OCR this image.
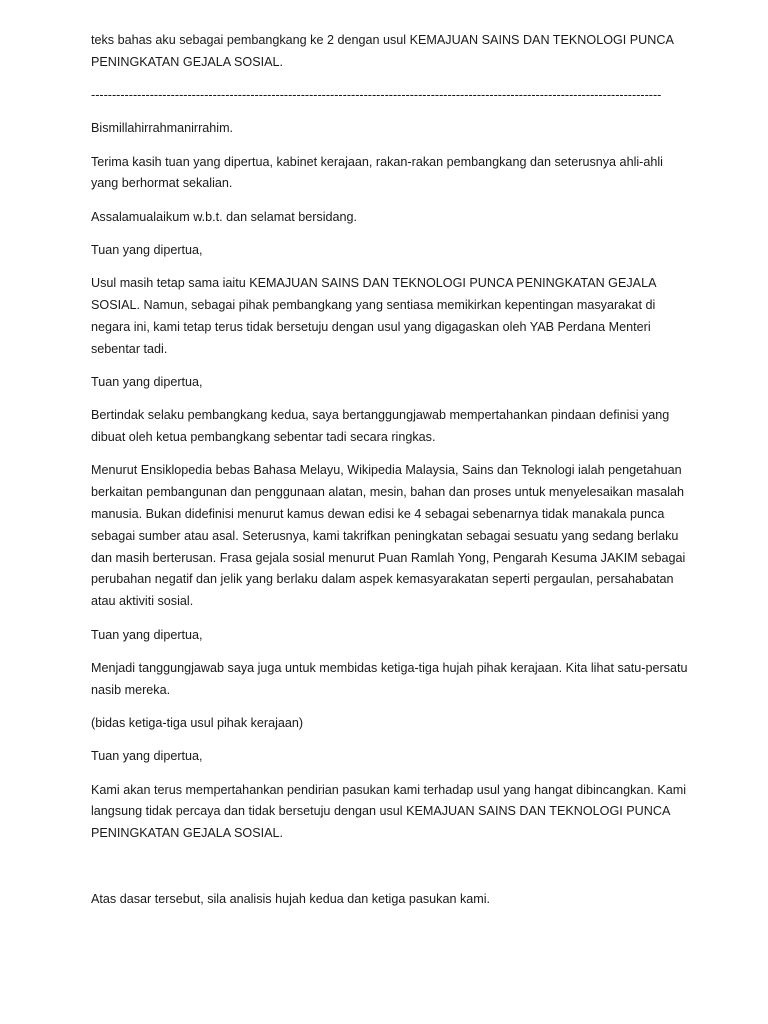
teks bahas aku sebagai pembangkang ke 2 dengan usul KEMAJUAN SAINS DAN TEKNOLOGI PUNCA PENINGKATAN GEJALA SOSIAL.

----------------------------------------------------------------------------------------------------------------------------------------

Bismillahirrahmanirrahim.

Terima kasih tuan yang dipertua, kabinet kerajaan, rakan-rakan pembangkang dan seterusnya ahli-ahli yang berhormat sekalian.

Assalamualaikum w.b.t. dan selamat bersidang.

Tuan yang dipertua,

Usul masih tetap sama iaitu KEMAJUAN SAINS DAN TEKNOLOGI PUNCA PENINGKATAN GEJALA SOSIAL. Namun, sebagai pihak pembangkang yang sentiasa memikirkan kepentingan masyarakat di negara ini, kami tetap terus tidak bersetuju dengan usul yang digagaskan oleh YAB Perdana Menteri sebentar tadi.

Tuan yang dipertua,

Bertindak selaku pembangkang kedua, saya bertanggungjawab mempertahankan pindaan definisi yang dibuat oleh ketua pembangkang sebentar tadi secara ringkas.

Menurut Ensiklopedia bebas Bahasa Melayu, Wikipedia Malaysia, Sains dan Teknologi ialah pengetahuan berkaitan pembangunan dan penggunaan alatan, mesin, bahan dan proses untuk menyelesaikan masalah manusia. Bukan didefinisi menurut kamus dewan edisi ke 4 sebagai sebenarnya tidak manakala punca sebagai sumber atau asal. Seterusnya, kami takrifkan peningkatan sebagai sesuatu yang sedang berlaku dan masih berterusan. Frasa gejala sosial menurut Puan Ramlah Yong, Pengarah Kesuma JAKIM sebagai perubahan negatif dan jelik yang berlaku dalam aspek kemasyarakatan seperti pergaulan, persahabatan atau aktiviti sosial.

Tuan yang dipertua,

Menjadi tanggungjawab saya juga untuk membidas ketiga-tiga hujah pihak kerajaan. Kita lihat satu-persatu nasib mereka.

(bidas ketiga-tiga usul pihak kerajaan)

Tuan yang dipertua,

Kami akan terus mempertahankan pendirian pasukan kami terhadap usul yang hangat dibincangkan. Kami langsung tidak percaya dan tidak bersetuju dengan usul KEMAJUAN SAINS DAN TEKNOLOGI PUNCA PENINGKATAN GEJALA SOSIAL.

Atas dasar tersebut, sila analisis hujah kedua dan ketiga pasukan kami.
